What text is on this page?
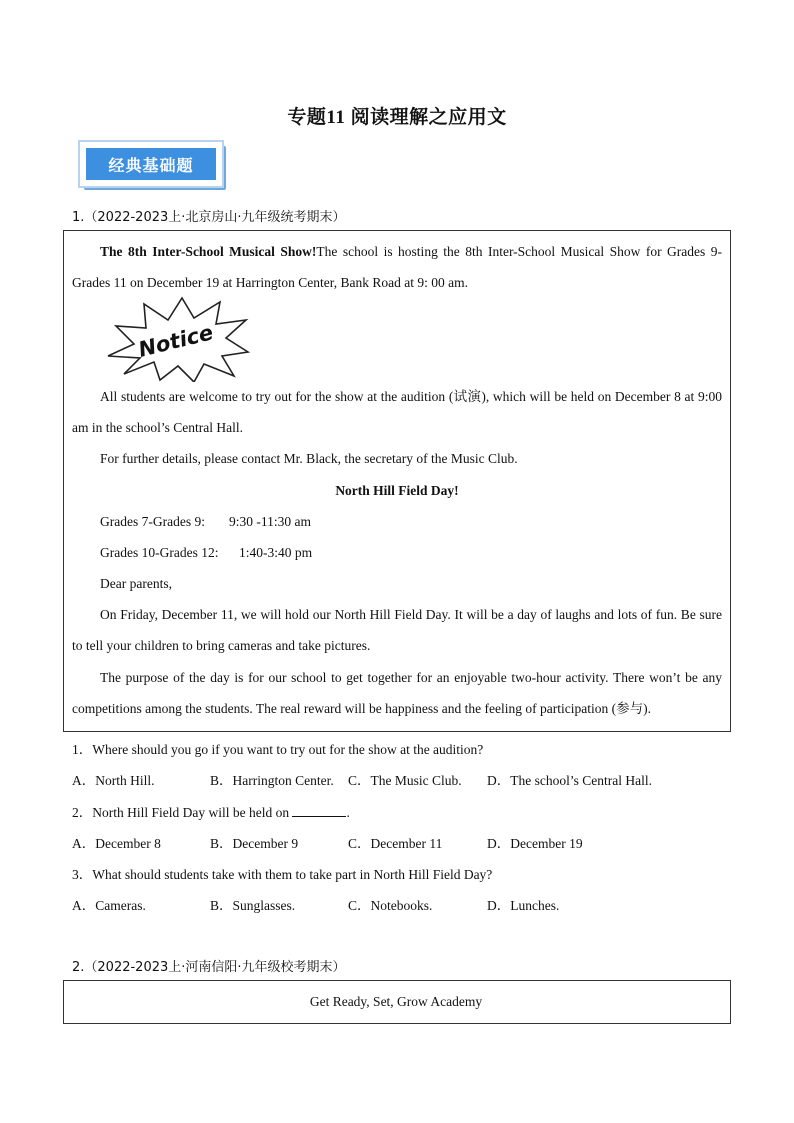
专题11 阅读理解之应用文
经典基础题
1.（2022-2023上·北京房山·九年级统考期末）
The 8th Inter-School Musical Show!The school is hosting the 8th Inter-School Musical Show for Grades 9-Grades 11 on December 19 at Harrington Center, Bank Road at 9: 00 am.
Notice
All students are welcome to try out for the show at the audition (试演), which will be held on December 8 at 9:00 am in the school’s Central Hall.
For further details, please contact Mr. Black, the secretary of the Music Club.
North Hill Field Day!
Grades 7-Grades 9: 9:30 -11:30 am
Grades 10-Grades 12: 1:40-3:40 pm
Dear parents,
On Friday, December 11, we will hold our North Hill Field Day. It will be a day of laughs and lots of fun. Be sure to tell your children to bring cameras and take pictures.
The purpose of the day is for our school to get together for an enjoyable two-hour activity. There won’t be any competitions among the students. The real reward will be happiness and the feeling of participation (参与).
1．Where should you go if you want to try out for the show at the audition?
A．North Hill.	B．Harrington Center. C．The Music Club. D．The school’s Central Hall.
2．North Hill Field Day will be held on	.
A．December 8	B．December 9	C．December 11	D．December 19
3．What should students take with them to take part in North Hill Field Day?
A．Cameras.	B．Sunglasses.	C．Notebooks.	D．Lunches.
2.（2022-2023上·河南信阳·九年级校考期末）
Get Ready, Set, Grow Academy
